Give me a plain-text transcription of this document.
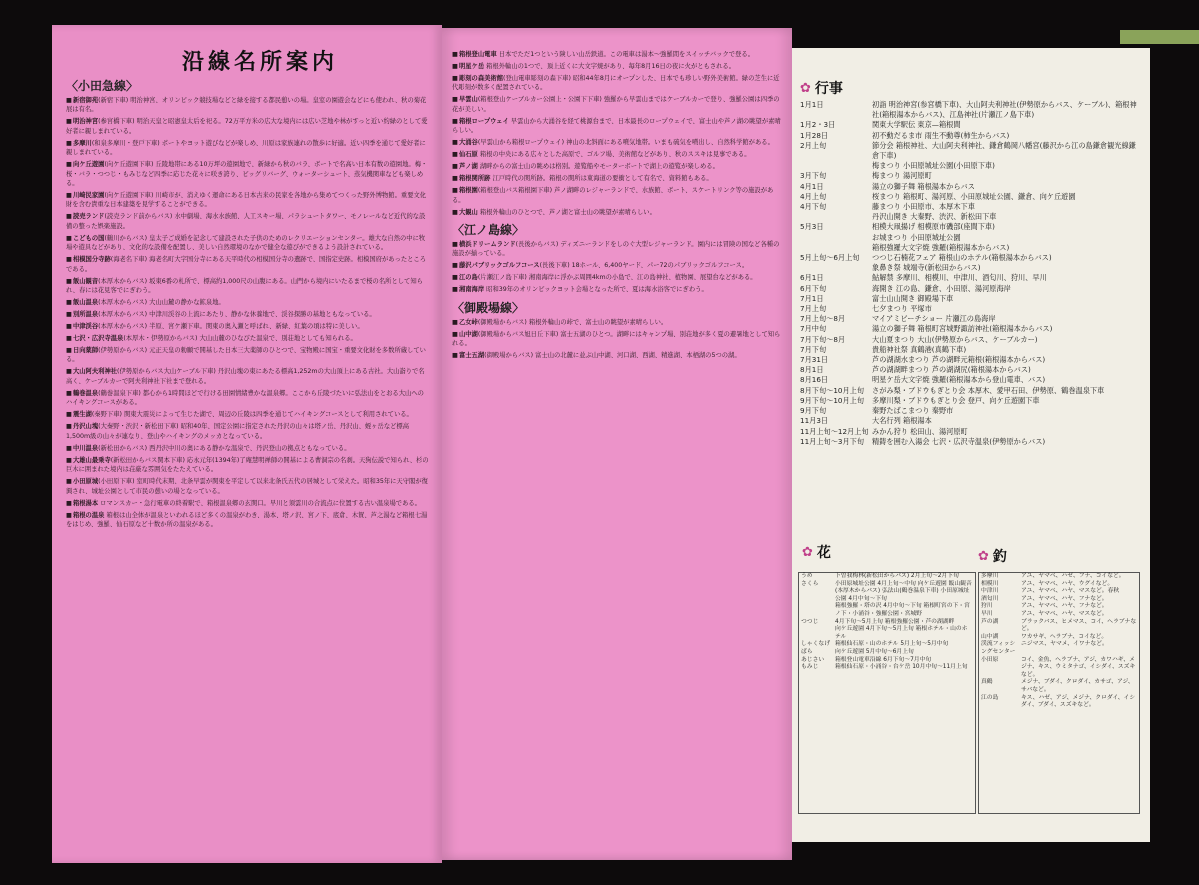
沿線名所案内
〈小田急線〉
■ 新宿御苑(新宿下車) 明治神宮、オリンピック競技場などと緑を接する都民憩いの場。皇室の園遊会などにも使われ、秋の菊花展は有名。
■ 明治神宮(参宮橋下車) 明治天皇と昭憲皇太后を祀る。72万平方米の広大な境内には広い芝地や林がすっと近い約緑のとして愛好者に親しまれている。
■ 多摩川(和泉多摩川・登戸下車) ボートやヨット遊びなどが楽しめ、川原は家族連れの散歩に好適。近い四季を通じて愛好者に親しまれている。
■ 向ケ丘遊園(向ケ丘遊園下車) 丘陵地帯にある10万坪の遊園地で、新緑から秋のバラ、ボートで名高い日本有数の遊園地。梅・桜・バラ・つつじ・もみじなど四季に応じた花々に咲き誇り、ビッグリバーグ、ウォーターシュート、蒸気機関車なども楽しめる。
■ 川崎民家園(向ケ丘遊園下車) 川崎市が、消えゆく運命にある日本古来の民家を各地から集めてつくった野外博物館。重要文化財を含む貴重な日本建築を見学することができる。
■ 読売ランド(読売ランド前からバス) 水中劇場、海水水族館、人工スキー場、パラシュートタワー、モノレールなど近代的な設備の整った娯楽施設。
■ こどもの国(鶴川からバス) 皇太子ご成婚を記念して建設された子供のためのレクリエーションセンター。雄大な自然の中に牧場や遊具などがあり、文化的な設備を配置し、美しい自然環境のなかで健全な遊びができるよう設計されている。
■ 相模国分寺跡(海老名下車) 海老名町大字国分寺にある天平時代の相模国分寺の遺跡で、国指定史跡。相模国府があったところである。
■ 飯山観音(本厚木からバス) 坂東6番の札所で、標高約1,000尺の山腹にある。山門から境内にいたるまで桜の名所として知られ、春には花見客でにぎわう。
■ 飯山温泉(本厚木からバス) 大山山麓の静かな鉱泉地。
■ 別所温泉(本厚木からバス) 中津川渓谷の上流にあたり、静かな休養地で、渓谷探勝の基地ともなっている。
■ 中津渓谷(本厚木からバス) 半原、宮ケ瀬下車。関東の奥入瀬と呼ばれ、新緑、紅葉の頃は特に美しい。
■ 七沢・広沢寺温泉(本厚木・伊勢原からバス) 大山山麓のひなびた温泉で、別荘地としても知られる。
■ 日向薬師(伊勢原からバス) 元正天皇の勅願で開基した日本三大薬師のひとつで、宝物殿に国宝・重要文化財を多数所蔵している。
■ 大山阿夫利神社(伊勢原からバス大山ケーブル下車) 丹沢山塊の東にあたる標高1,252mの大山頂上にある古社。大山詣りで名高く、ケーブルカーで阿夫利神社下社まで登れる。
■ 鶴巻温泉(鶴巻温泉下車) 都心から1時間ほどで行ける田園情緒豊かな温泉郷。ここから丘陵づたいに弘法山をとおる大山へのハイキングコースがある。
■ 震生湖(秦野下車) 関東大震災によって生じた湖で、周辺の丘陵は四季を通じてハイキングコースとして利用されている。
■ 丹沢山塊(大秦野・渋沢・新松田下車) 昭和40年、国定公園に指定された丹沢の山々は塔ノ岳、丹沢山、蛭ヶ岳など標高1,500m級の山々が連なり、登山やハイキングのメッカとなっている。
■ 中川温泉(新松田からバス) 西丹沢中川の奥にある静かな温泉で、丹沢登山の拠点ともなっている。
■ 大雄山最乗寺(新松田からバス関本下車) 応永元年(1394年)了庵慧明禅師の開基による曹洞宗の名刹。天狗伝説で知られ、杉の巨木に囲まれた境内は荘厳な雰囲気をたたえている。
■ 小田原城(小田原下車) 室町時代末期、北条早雲が関東を平定して以来北条氏五代の居城として栄えた。昭和35年に天守閣が復興され、城址公園として市民の憩いの場となっている。
■ 箱根湯本 ロマンスカー・急行電車の終着駅で、箱根温泉郷の玄関口。早川と須雲川の合流点に位置する古い温泉場である。
■ 箱根の温泉 箱根は山全体が温泉といわれるほど多くの温泉がわき、湯本、塔ノ沢、宮ノ下、底倉、木賀、芦之湯など箱根七湯をはじめ、強羅、仙石原など十数か所の温泉がある。
■ 箱根登山電車 日本でただ1つという険しい山岳鉄道。この電車は湯本〜強羅間をスイッチバックで登る。
■ 明星ケ岳 箱根外輪山の1つで、頂上近くに大文字焼があり、毎年8月16日の夜に火がともされる。
■ 彫刻の森美術館(登山電車彫刻の森下車) 昭和44年8月にオープンした、日本でも珍しい野外美術館。緑の芝生に近代彫刻が数多く配置されている。
■ 早雲山(箱根登山ケーブルカー公園上・公園下下車) 強羅から早雲山まではケーブルカーで登り、強羅公園は四季の花が美しい。
■ 箱根ロープウェイ 早雲山から大涌谷を経て桃源台まで、日本最長のロープウェイで、富士山や芦ノ湖の眺望が素晴らしい。
■ 大涌谷(早雲山から箱根ロープウェイ) 神山の北斜面にある噴気地帯。いまも硫気を噴出し、自然科学館がある。
■ 仙石原 箱根の中央にある広々とした高原で、ゴルフ場、美術館などがあり、秋のススキは見事である。
■ 芦ノ湖 湖畔からの富士山の眺めは格別。遊覧船やモーターボートで湖上の遊覧が楽しめる。
■ 箱根関所跡 江戸時代の関所跡。箱根の関所は東海道の要衝として有名で、資料館もある。
■ 箱根園(箱根登山バス箱根園下車) 芦ノ湖畔のレジャーランドで、水族館、ボート、スケートリンク等の施設がある。
■ 大観山 箱根外輪山のひとつで、芦ノ湖と富士山の眺望が素晴らしい。
〈江ノ島線〉
■ 横浜ドリームランド(長後からバス) ディズニーランドをしのぐ大型レジャーランド。園内には冒険の国など各種の施設が揃っている。
■ 藤沢パブリックゴルフコース(長後下車) 18ホール、6,400ヤード、パー72のパブリックゴルフコース。
■ 江の島(片瀬江ノ島下車) 湘南海岸に浮かぶ周囲4kmの小島で、江の島神社、植物園、展望台などがある。
■ 湘南海岸 昭和39年のオリンピックヨット会場となった所で、夏は海水浴客でにぎわう。
〈御殿場線〉
■ 乙女峠(御殿場からバス) 箱根外輪山の峠で、富士山の眺望が素晴らしい。
■ 山中湖(御殿場からバス旭日丘下車) 富士五湖のひとつ。湖畔にはキャンプ場、別荘地が多く夏の避暑地として知られる。
■ 富士五湖(御殿場からバス) 富士山の北麓に並ぶ山中湖、河口湖、西湖、精進湖、本栖湖の5つの湖。
✿ 行事
1月1日	初詣 明治神宮(参宮橋下車)、大山阿夫利神社(伊勢原からバス、ケーブル)、箱根神社(箱根湯本からバス)、江島神社(片瀬江ノ島下車)
1月2・3日	関東大学駅伝 東京—箱根間
1月28日	初不動だるま市 雨生不動尊(柿生からバス)
2月上旬	節分会 箱根神社、大山阿夫利神社、鎌倉鶴岡八幡宮(藤沢から江の島鎌倉観光線鎌倉下車)
梅まつり 小田原城址公園(小田原下車)
3月下旬	梅まつり 湯河原町
4月1日	湯立の獅子舞 箱根湯本からバス
4月上旬	桜まつり 箱根町、湯河原、小田原城址公園、鎌倉、向ケ丘遊園
4月下旬	藤まつり 小田原市、本厚木下車
丹沢山開き 大秦野、渋沢、新松田下車
5月3日	相模大凧揚げ 相模原市磯部(座間下車)
お城まつり 小田原城址公園
箱根強羅大文字焼 強羅(箱根湯本からバス)
5月上旬～6月上旬	つつじ石楠花フェア 箱根山のホテル(箱根湯本からバス)
象鼻き祭 城端寺(新松田からバス)
6月1日	鮎解禁 多摩川、相模川、中津川、酒匂川、狩川、早川
6月下旬	海開き 江の島、鎌倉、小田原、湯河原海岸
7月1日	富士山山開き 御殿場下車
7月上旬	七夕まつり 平塚市
7月上旬～8月	マイアミビーチショー 片瀬江の島海岸
7月中旬	湯立の獅子舞 箱根町宮城野諏訪神社(箱根湯本からバス)
7月下旬～8月	大山夏まつり 大山(伊勢原からバス、ケーブルカー)
7月下旬	貴船神社祭 真鶴港(真鶴下車)
7月31日	芦の湖湖水まつり 芦の湖畔元箱根(箱根湯本からバス)
8月1日	芦の湖湖畔まつり 芦の湖湖尻(箱根湯本からバス)
8月16日	明星ケ岳大文字焼 強羅(箱根湯本から登山電車、バス)
8月下旬～10月上旬	さがみ梨・ブドウもぎとり会 本厚木、愛甲石田、伊勢原、鶴巻温泉下車
9月下旬～10月上旬	多摩川梨・ブドウもぎとり会 登戸、向ケ丘遊園下車
9月下旬	秦野たばこまつり 秦野市
11月3日	大名行列 箱根湯本
11月上旬～12月上旬 みかん狩り 松田山、湯河原町
11月上旬～3月下旬	精鋳を囲む入湯会 七沢・広沢寺温泉(伊勢原からバス)
✿ 花
うめ	下曽我梅林(新松田からバス) 2月上旬～2月下旬
さくら	小田原城址公園 4月上旬～中旬 向ケ丘遊園 飯山観音(本厚木からバス) 弘法山(鶴巻温泉下車) 小田原城址公園 4月中旬～下旬
	箱根強羅・塔の沢 4月中旬～下旬 箱根町宮の下・宮ノ下・小涌谷・強羅公園・宮城野
つつじ	4月下旬～5月上旬 箱根強羅公園・芦の湖湖畔
	向ケ丘遊園 4月下旬～5月上旬 箱根ホテル・山のホテル
しゃくなげ	箱根仙石原・山のホテル 5月上旬～5月中旬
ばら	向ケ丘遊園 5月中旬～6月上旬
あじさい	箱根登山電車沿線 6月下旬～7月中旬
もみじ	箱根仙石原・小涌谷・台ケ岳 10月中旬～11月上旬
✿ 釣
多摩川	アユ、ヤマベ、ハゼ、フナ、コイなど。
相模川	アユ、ヤマベ、ハヤ、ウグイなど。
中津川	アユ、ヤマベ、ハヤ、マスなど。春秋
酒匂川	アユ、ヤマベ、ハヤ、フナなど。
狩川	アユ、ヤマベ、ハヤ、フナなど。
早川	アユ、ヤマベ、ハヤ、マスなど。
芦の湖	ブラックバス、ヒメマス、コイ、ヘラブナなど。
山中湖	ワカサギ、ヘラブナ、コイなど。
渓流フィッシングセンター	ニジマス、ヤマメ、イワナなど。
小田原	コイ、金魚、ヘラブナ、アジ、カワハギ、メジナ、キス、ウミタナゴ、イシダイ、スズキなど。
真鶴	メジナ、ブダイ、クロダイ、カサゴ、アジ、サバなど。
江の島	キス、ハゼ、アジ、メジナ、クロダイ、イシダイ、ブダイ、スズキなど。
